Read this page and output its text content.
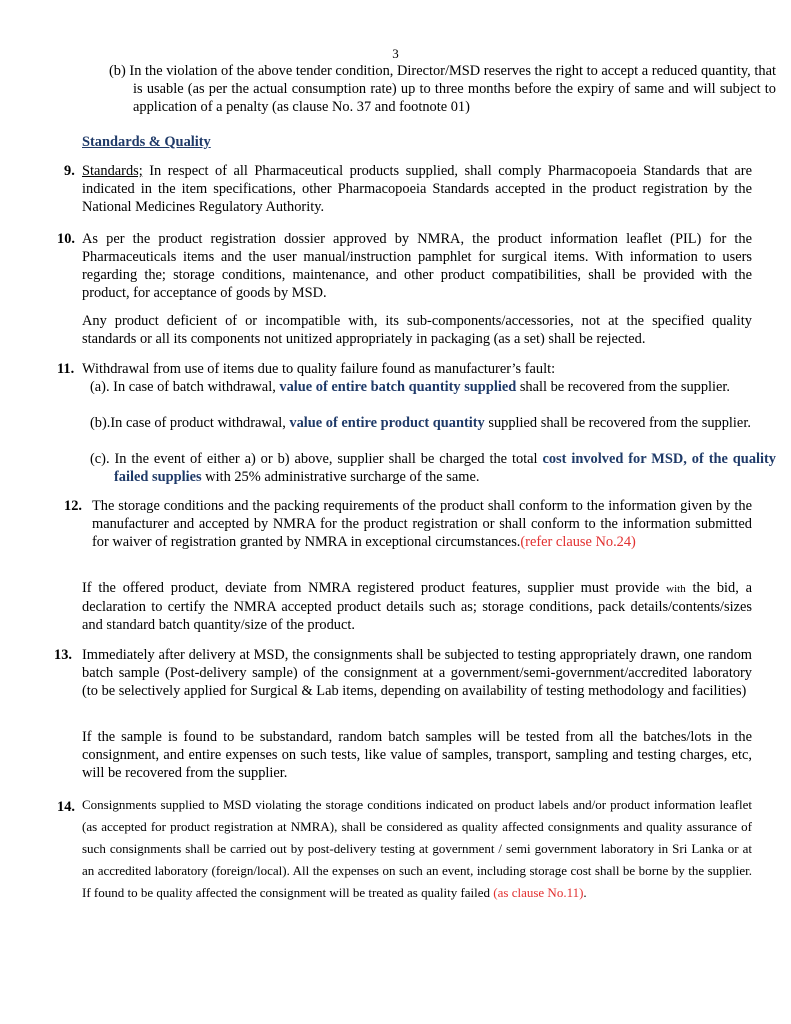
3

(b) In the violation of the above tender condition, Director/MSD reserves the right to accept a reduced quantity, that is usable (as per the actual consumption rate) up to three months before the expiry of same and will subject to application of a penalty (as clause No. 37 and footnote 01)

Standards & Quality
9. Standards; In respect of all Pharmaceutical products supplied, shall comply Pharmacopoeia Standards that are indicated in the item specifications, other Pharmacopoeia Standards accepted in the product registration by the National Medicines Regulatory Authority.

10. As per the product registration dossier approved by NMRA, the product information leaflet (PIL) for the Pharmaceuticals items and the user manual/instruction pamphlet for surgical items. With information to users regarding the; storage conditions, maintenance, and other product compatibilities, shall be provided with the product, for acceptance of goods by MSD.

Any product deficient of or incompatible with, its sub-components/accessories, not at the specified quality standards or all its components not unitized appropriately in packaging (as a set) shall be rejected.

11. Withdrawal from use of items due to quality failure found as manufacturer’s fault:

(a). In case of batch withdrawal, value of entire batch quantity supplied shall be recovered from the supplier.

(b).In case of product withdrawal, value of entire product quantity supplied shall be recovered from the supplier.

(c). In the event of either a) or b) above, supplier shall be charged the total cost involved for MSD, of the quality failed supplies with 25% administrative surcharge of the same.

12. The storage conditions and the packing requirements of the product shall conform to the information given by the manufacturer and accepted by NMRA for the product registration or shall conform to the information submitted for waiver of registration granted by NMRA in exceptional circumstances.(refer clause No.24)

If the offered product, deviate from NMRA registered product features, supplier must provide with the bid, a declaration to certify the NMRA accepted product details such as; storage conditions, pack details/contents/sizes and standard batch quantity/size of the product.

13. Immediately after delivery at MSD, the consignments shall be subjected to testing appropriately drawn, one random batch sample (Post-delivery sample) of the consignment at a government/semi-government/accredited laboratory (to be selectively applied for Surgical & Lab items, depending on availability of testing methodology and facilities)

If the sample is found to be substandard, random batch samples will be tested from all the batches/lots in the consignment, and entire expenses on such tests, like value of samples, transport, sampling and testing charges, etc, will be recovered from the supplier.

14. Consignments supplied to MSD violating the storage conditions indicated on product labels and/or product information leaflet (as accepted for product registration at NMRA), shall be considered as quality affected consignments and quality assurance of such consignments shall be carried out by post-delivery testing at government / semi government laboratory in Sri Lanka or at an accredited laboratory (foreign/local). All the expenses on such an event, including storage cost shall be borne by the supplier. If found to be quality affected the consignment will be treated as quality failed (as clause No.11).
